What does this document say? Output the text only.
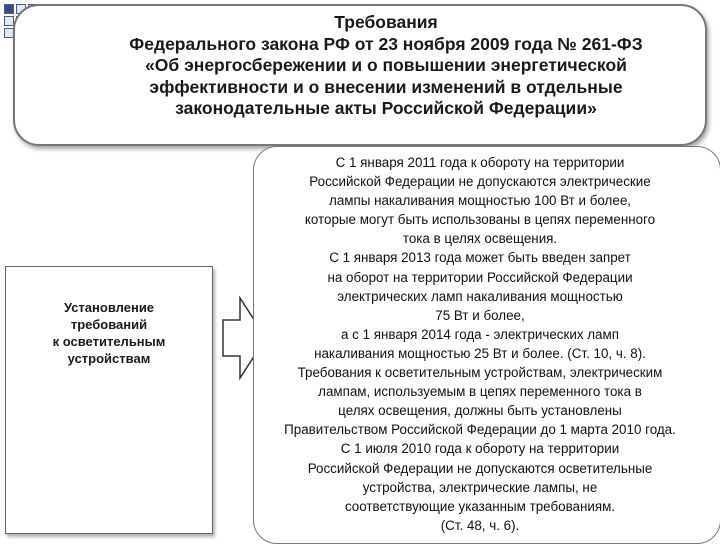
Требования
Федерального закона РФ от 23 ноября 2009 года № 261-ФЗ
«Об энергосбережении и о повышении энергетической
эффективности и о внесении изменений в отдельные
законодательные акты Российской Федерации»
Установление
требований
к осветительным
устройствам
С 1 января 2011 года к обороту на территории
Российской Федерации не допускаются электрические
лампы накаливания мощностью 100 Вт и более,
которые могут быть использованы в цепях переменного
тока в целях освещения.
С 1 января 2013 года может быть введен запрет
на оборот на территории Российской Федерации
электрических ламп накаливания мощностью
75 Вт и более,
а с 1 января 2014 года - электрических ламп
накаливания мощностью 25 Вт и более. (Ст. 10, ч. 8).
Требования к осветительным устройствам, электрическим
лампам, используемым в цепях переменного тока в
целях освещения, должны быть установлены
Правительством Российской Федерации до 1 марта 2010 года.
С 1 июля 2010 года к обороту на территории
Российской Федерации не допускаются осветительные
устройства, электрические лампы, не
соответствующие указанным требованиям.
(Ст. 48, ч. 6).
